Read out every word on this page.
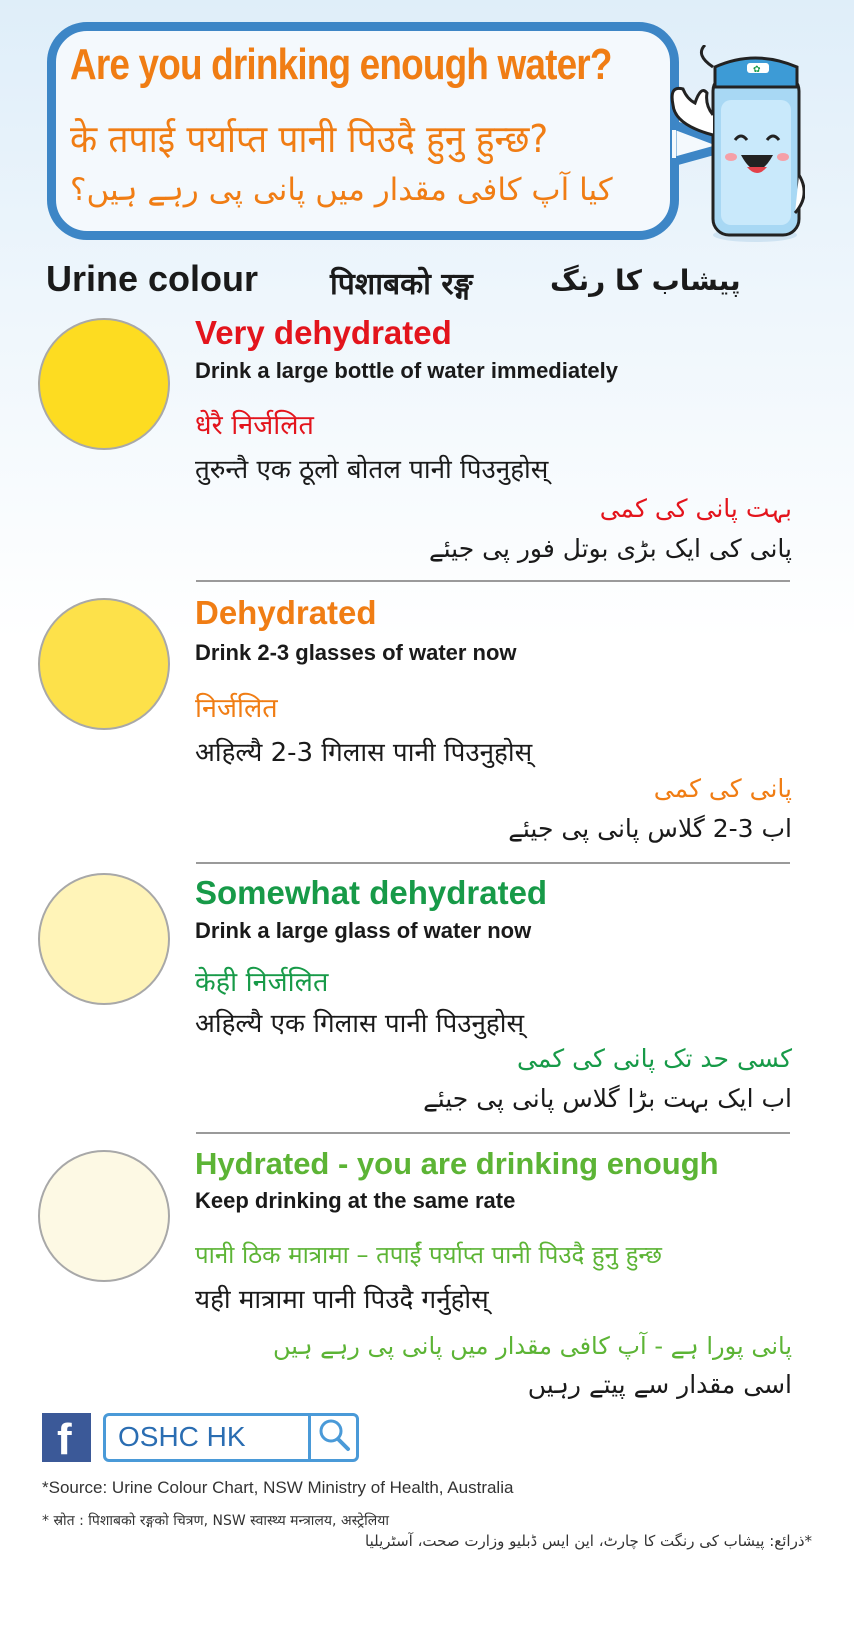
Are you drinking enough water?
के तपाई पर्याप्त पानी पिउदै हुनु हुन्छ?
کیا آپ کافی مقدار میں پانی پی رہے ہیں؟
✿
Urine colour पिशाबको रङ्ग	پیشاب کا رنگ
Very dehydrated
Drink a large bottle of water immediately
धेरै निर्जलित
तुरुन्तै एक ठूलो बोतल पानी पिउनुहोस्
بہت پانی کی کمی
پانی کی ایک بڑی بوتل فور پی جیئے
Dehydrated
Drink 2-3 glasses of water now
निर्जलित
अहिल्यै 2-3 गिलास पानी पिउनुहोस्
پانی کی کمی
اب 3-2 گلاس پانی پی جیئے
Somewhat dehydrated
Drink a large glass of water now
केही निर्जलित
अहिल्यै एक गिलास पानी पिउनुहोस्
کسی حد تک پانی کی کمی
اب ایک بہت بڑا گلاس پانی پی جیئے
Hydrated - you are drinking enough
Keep drinking at the same rate
पानी ठिक मात्रामा – तपाईं पर्याप्त पानी पिउदै हुनु हुन्छ
यही मात्रामा पानी पिउदै गर्नुहोस्
پانی پورا ہے - آپ کافی مقدار میں پانی پی رہے ہیں
اسی مقدار سے پیتے رہیں
f OSHC HK
*Source: Urine Colour Chart, NSW Ministry of Health, Australia
* स्रोत : पिशाबको रङ्गको चित्रण, NSW स्वास्थ्य मन्त्रालय, अस्ट्रेलिया
*ذرائع: پیشاب کی رنگت کا چارٹ، این ایس ڈبلیو وزارت صحت، آسٹریلیا
